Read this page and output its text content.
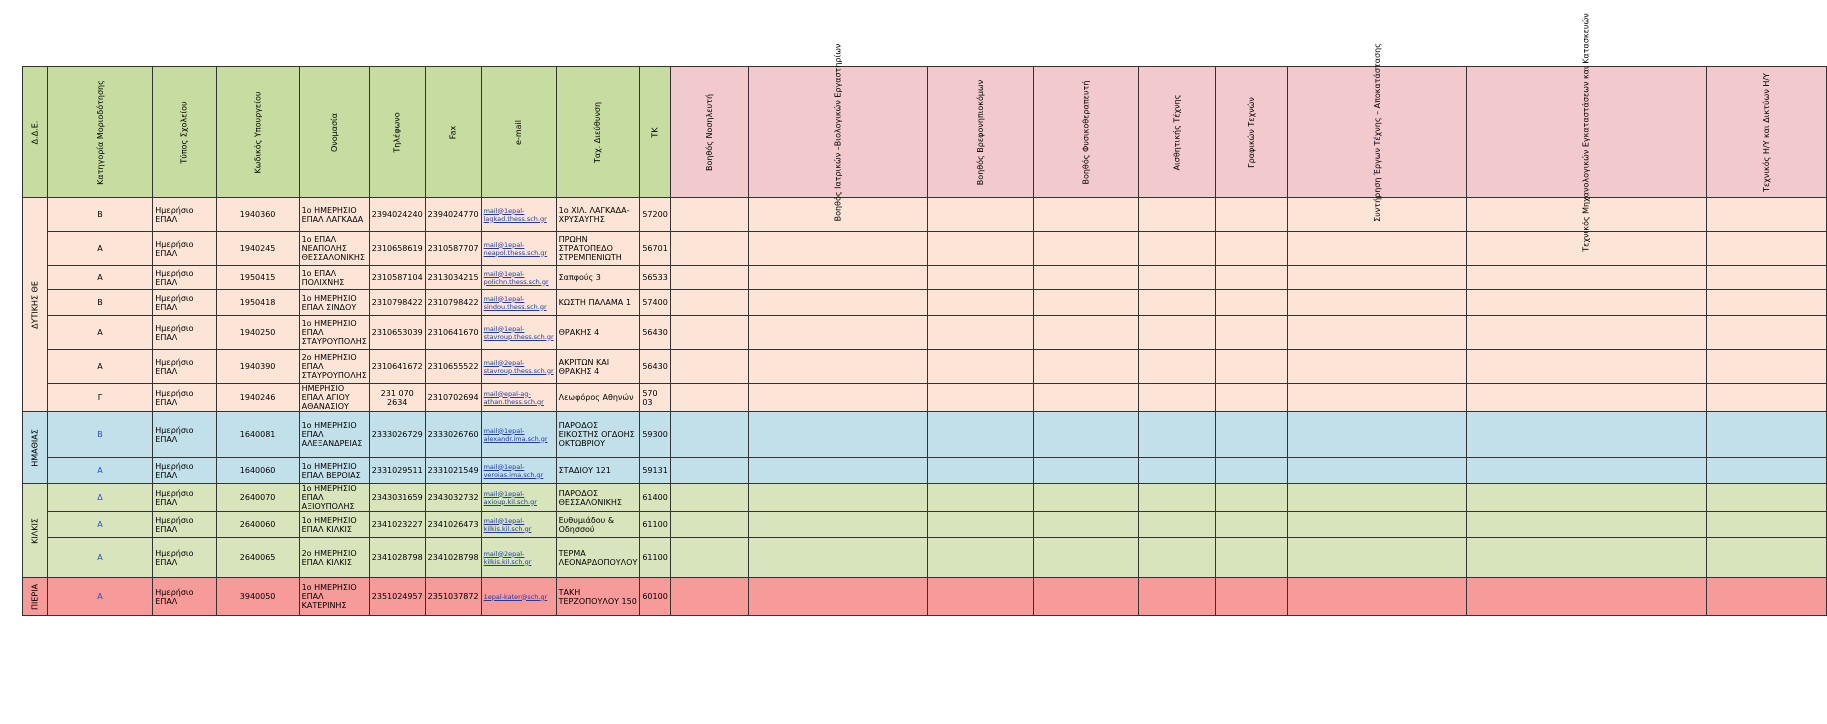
Δ.Δ.Ε.	Κατηγορία Μοριοδότησης	Τύπος Σχολείου	Κωδικός Υπουργείου	Ονομασία	Τηλέφωνο	Fax	e-mail	Ταχ. Διεύθυνση	ΤΚ	Βοηθός Νοσηλευτή	Βοηθός Ιατρικών –Βιολογικών Εργαστηρίων	Βοηθός Βρεφονηπιοκόμων	Βοηθός Φυσικοθεραπευτή	Αισθητικής Τέχνης	Γραφικών Τεχνών	Συντήρηση Έργων Τέχνης – Αποκατάστασης	Τεχνικός Μηχανολογικών Εγκαταστάσεων και Κατασκευών	Τεχνικός Η/Υ και Δικτύων Η/Υ

ΔΥΤΙΚΗΣ ΘΕ	Β	Ημερήσιο ΕΠΑΛ	1940360	1ο ΗΜΕΡΗΣΙΟ ΕΠΑΛ ΛΑΓΚΑΔΑ	2394024240	2394024770	mail@1epal-lagkad.thess.sch.gr	1ο ΧΙΛ. ΛΑΓΚΑΔΑ-ΧΡΥΣΑΥΓΗΣ	57200									
	Α	Ημερήσιο ΕΠΑΛ	1940245	1ο ΕΠΑΛ ΝΕΑΠΟΛΗΣ ΘΕΣΣΑΛΟΝΙΚΗΣ	2310658619	2310587707	mail@1epal-neapol.thess.sch.gr	ΠΡΩΗΝ ΣΤΡΑΤΟΠΕΔΟ ΣΤΡΕΜΠΕΝΙΩΤΗ	56701									
	Α	Ημερήσιο ΕΠΑΛ	1950415	1ο ΕΠΑΛ ΠΟΛΙΧΝΗΣ	2310587104	2313034215	mail@1epal-polichn.thess.sch.gr	Σαπφούς 3	56533									
	Β	Ημερήσιο ΕΠΑΛ	1950418	1ο ΗΜΕΡΗΣΙΟ ΕΠΑΛ ΣΙΝΔΟΥ	2310798422	2310798422	mail@1epal-sindou.thess.sch.gr	ΚΩΣΤΗ ΠΑΛΑΜΑ 1	57400									
	Α	Ημερήσιο ΕΠΑΛ	1940250	1ο ΗΜΕΡΗΣΙΟ ΕΠΑΛ ΣΤΑΥΡΟΥΠΟΛΗΣ	2310653039	2310641670	mail@1epal-stavroup.thess.sch.gr	ΘΡΑΚΗΣ 4	56430									
	Α	Ημερήσιο ΕΠΑΛ	1940390	2ο ΗΜΕΡΗΣΙΟ ΕΠΑΛ ΣΤΑΥΡΟΥΠΟΛΗΣ	2310641672	2310655522	mail@2epal-stavroup.thess.sch.gr	ΑΚΡΙΤΩΝ ΚΑΙ ΘΡΑΚΗΣ 4	56430									
	Γ	Ημερήσιο ΕΠΑΛ	1940246	ΗΜΕΡΗΣΙΟ ΕΠΑΛ ΑΓΙΟΥ ΑΘΑΝΑΣΙΟΥ	231 070 2634	2310702694	mail@epal-ag-athan.thess.sch.gr	Λεωφόρος Αθηνών	570 03									

ΗΜΑΘΙΑΣ	Β	Ημερήσιο ΕΠΑΛ	1640081	1ο ΗΜΕΡΗΣΙΟ ΕΠΑΛ ΑΛΕΞΑΝΔΡΕΙΑΣ	2333026729	2333026760	mail@1epal-alexandr.ima.sch.gr	ΠΑΡΟΔΟΣ ΕΙΚΟΣΤΗΣ ΟΓΔΟΗΣ ΟΚΤΩΒΡΙΟΥ	59300									
	Α	Ημερήσιο ΕΠΑΛ	1640060	1ο ΗΜΕΡΗΣΙΟ ΕΠΑΛ ΒΕΡΟΙΑΣ	2331029511	2331021549	mail@1epal-veroias.ima.sch.gr	ΣΤΑΔΙΟΥ 121	59131									

ΚΙΛΚΙΣ	Δ	Ημερήσιο ΕΠΑΛ	2640070	1ο ΗΜΕΡΗΣΙΟ ΕΠΑΛ ΑΞΙΟΥΠΟΛΗΣ	2343031659	2343032732	mail@1epal-axioup.kil.sch.gr	ΠΑΡΟΔΟΣ ΘΕΣΣΑΛΟΝΙΚΗΣ	61400									
	Α	Ημερήσιο ΕΠΑΛ	2640060	1ο ΗΜΕΡΗΣΙΟ ΕΠΑΛ ΚΙΛΚΙΣ	2341023227	2341026473	mail@1epal-kilkis.kil.sch.gr	Ευθυμιάδου & Οδησσού	61100									
	Α	Ημερήσιο ΕΠΑΛ	2640065	2ο ΗΜΕΡΗΣΙΟ ΕΠΑΛ ΚΙΛΚΙΣ	2341028798	2341028798	mail@2epal-kilkis.kil.sch.gr	ΤΕΡΜΑ ΛΕΟΝΑΡΔΟΠΟΥΛΟΥ	61100									

ΠΙΕΡΙΑ	Α	Ημερήσιο ΕΠΑΛ	3940050	1ο ΗΜΕΡΗΣΙΟ ΕΠΑΛ ΚΑΤΕΡΙΝΗΣ	2351024957	2351037872	1epal-kater@sch.gr	ΤΑΚΗ ΤΕΡΖΟΠΟΥΛΟΥ 150	60100									
